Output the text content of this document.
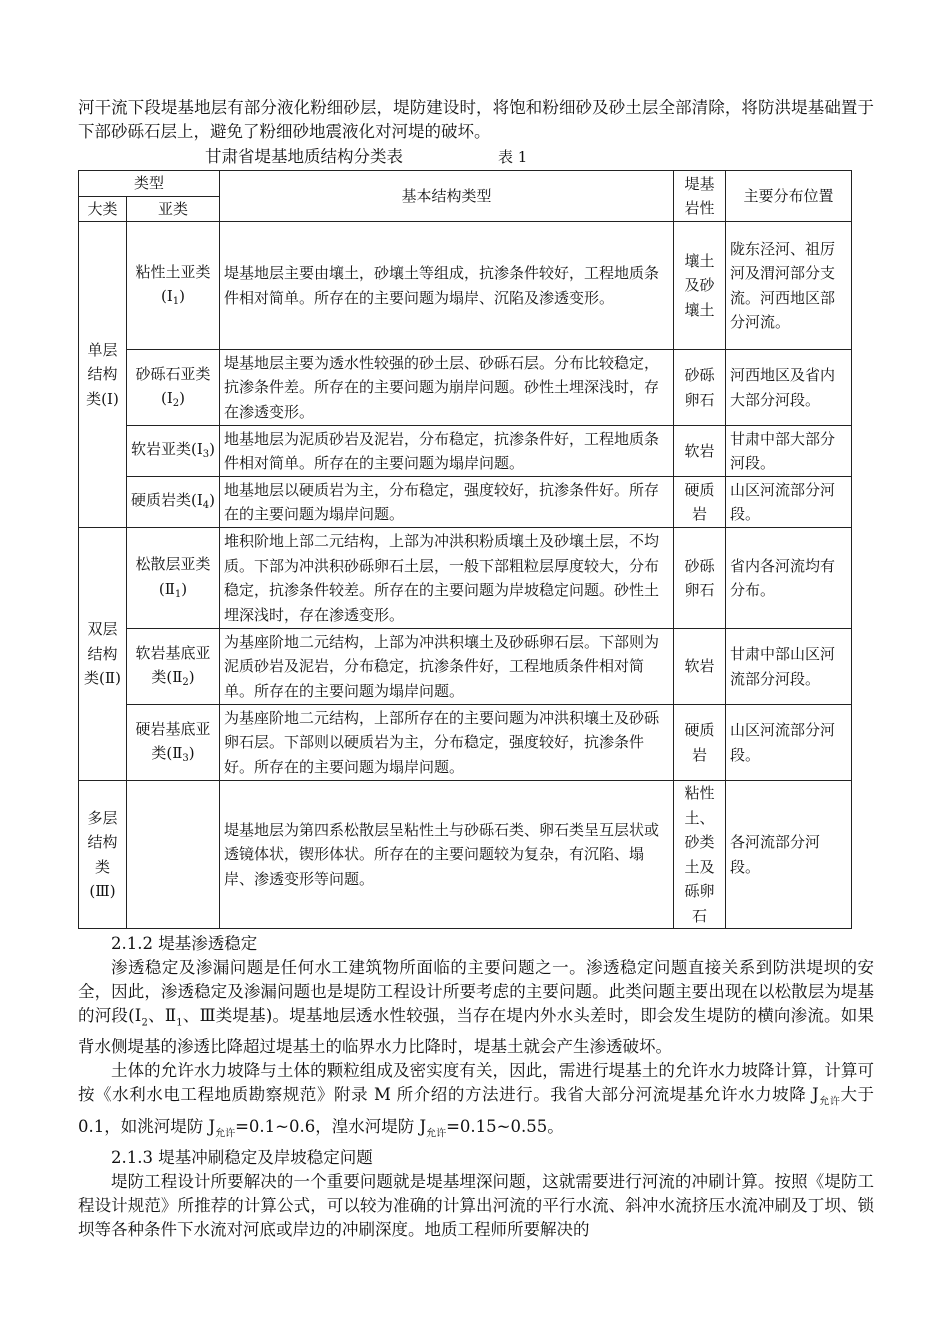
河干流下段堤基地层有部分液化粉细砂层，堤防建设时，将饱和粉细砂及砂土层全部清除，将防洪堤基础置于下部砂砾石层上，避免了粉细砂地震液化对河堤的破坏。

甘肃省堤基地质结构分类表	表 1
类型		基本结构类型	堤基岩性	主要分布位置
大类	亚类			
单层结构类(Ⅰ)	粘性土亚类$(Ⅰ_1)$	堤基地层主要由壤土，砂壤土等组成，抗渗条件较好，工程地质条件相对简单。所存在的主要问题为塌岸、沉陷及渗透变形。	壤土及砂壤土	陇东泾河、祖厉河及渭河部分支流。河西地区部分河流。
	砂砾石亚类$(Ⅰ_2)$	堤基地层主要为透水性较强的砂土层、砂砾石层。分布比较稳定，抗渗条件差。所存在的主要问题为崩岸问题。砂性土埋深浅时，存在渗透变形。	砂砾卵石	河西地区及省内大部分河段。
	软岩亚类$(Ⅰ_3)$	地基地层为泥质砂岩及泥岩，分布稳定，抗渗条件好，工程地质条件相对简单。所存在的主要问题为塌岸问题。	软岩	甘肃中部大部分河段。
	硬质岩类$(Ⅰ_4)$	地基地层以硬质岩为主，分布稳定，强度较好，抗渗条件好。所存在的主要问题为塌岸问题。	硬质岩	山区河流部分河段。
双层结构类(Ⅱ)	松散层亚类$(Ⅱ_1)$	堆积阶地上部二元结构，上部为冲洪积粉质壤土及砂壤土层，不均质。下部为冲洪积砂砾卵石土层，一般下部粗粒层厚度较大，分布稳定，抗渗条件较差。所存在的主要问题为岸坡稳定问题。砂性土埋深浅时，存在渗透变形。	砂砾卵石	省内各河流均有分布。
	软岩基底亚类$(Ⅱ_2)$	为基座阶地二元结构，上部为冲洪积壤土及砂砾卵石层。下部则为泥质砂岩及泥岩，分布稳定，抗渗条件好，工程地质条件相对简单。所存在的主要问题为塌岸问题。	软岩	甘肃中部山区河流部分河段。
	硬岩基底亚类$(Ⅱ_3)$	为基座阶地二元结构，上部所存在的主要问题为冲洪积壤土及砂砾卵石层。下部则以硬质岩为主，分布稳定，强度较好，抗渗条件好。所存在的主要问题为塌岸问题。	硬质岩	山区河流部分河段。
多层结构类(Ⅲ)		堤基地层为第四系松散层呈粘性土与砂砾石类、卵石类呈互层状或透镜体状，锲形体状。所存在的主要问题较为复杂，有沉陷、塌岸、渗透变形等问题。	粘性土、砂类土及砾卵石	各河流部分河段。

2.1.2 堤基渗透稳定

渗透稳定及渗漏问题是任何水工建筑物所面临的主要问题之一。渗透稳定问题直接关系到防洪堤坝的安全，因此，渗透稳定及渗漏问题也是堤防工程设计所要考虑的主要问题。此类问题主要出现在以松散层为堤基的河段($Ⅰ_2$、$Ⅱ_1$、Ⅲ类堤基)。堤基地层透水性较强，当存在堤内外水头差时，即会发生堤防的横向渗流。如果背水侧堤基的渗透比降超过堤基土的临界水力比降时，堤基土就会产生渗透破坏。

土体的允许水力坡降与土体的颗粒组成及密实度有关，因此，需进行堤基土的允许水力坡降计算，计算可按《水利水电工程地质勘察规范》附录 M 所介绍的方法进行。我省大部分河流堤基允许水力坡降 $J_{允许}$大于 0.1，如洮河堤防 $J_{允许}=0.1\sim 0.6$，湟水河堤防 $J_{允许}=0.15\sim 0.55$。

2.1.3 堤基冲刷稳定及岸坡稳定问题

堤防工程设计所要解决的一个重要问题就是堤基埋深问题，这就需要进行河流的冲刷计算。按照《堤防工程设计规范》所推荐的计算公式，可以较为准确的计算出河流的平行水流、斜冲水流挤压水流冲刷及丁坝、锁坝等各种条件下水流对河底或岸边的冲刷深度。地质工程师所要解决的
